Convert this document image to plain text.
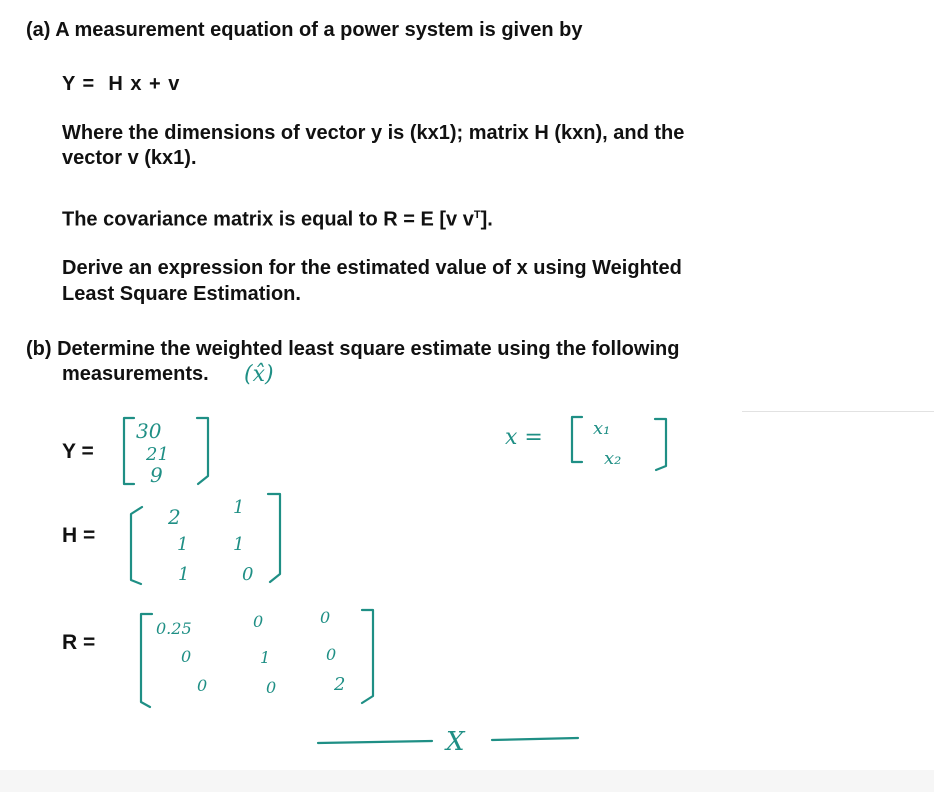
(a) A measurement equation of a power system is given by
Y =  H x + v
Where the dimensions of vector y is (kx1); matrix H (kxn), and the
vector v (kx1).
The covariance matrix is equal to R = E [v $v^T$].
Derive an expression for the estimated value of x using Weighted
Least Square Estimation.
(b) Determine the weighted least square estimate using the following
measurements.
Y =
H =
R =
(x̂)
30
21
9
x =	x₁
x₂
2	1
1 1
1	0
0.25	0	0
0	1	0
0	0	2
X
